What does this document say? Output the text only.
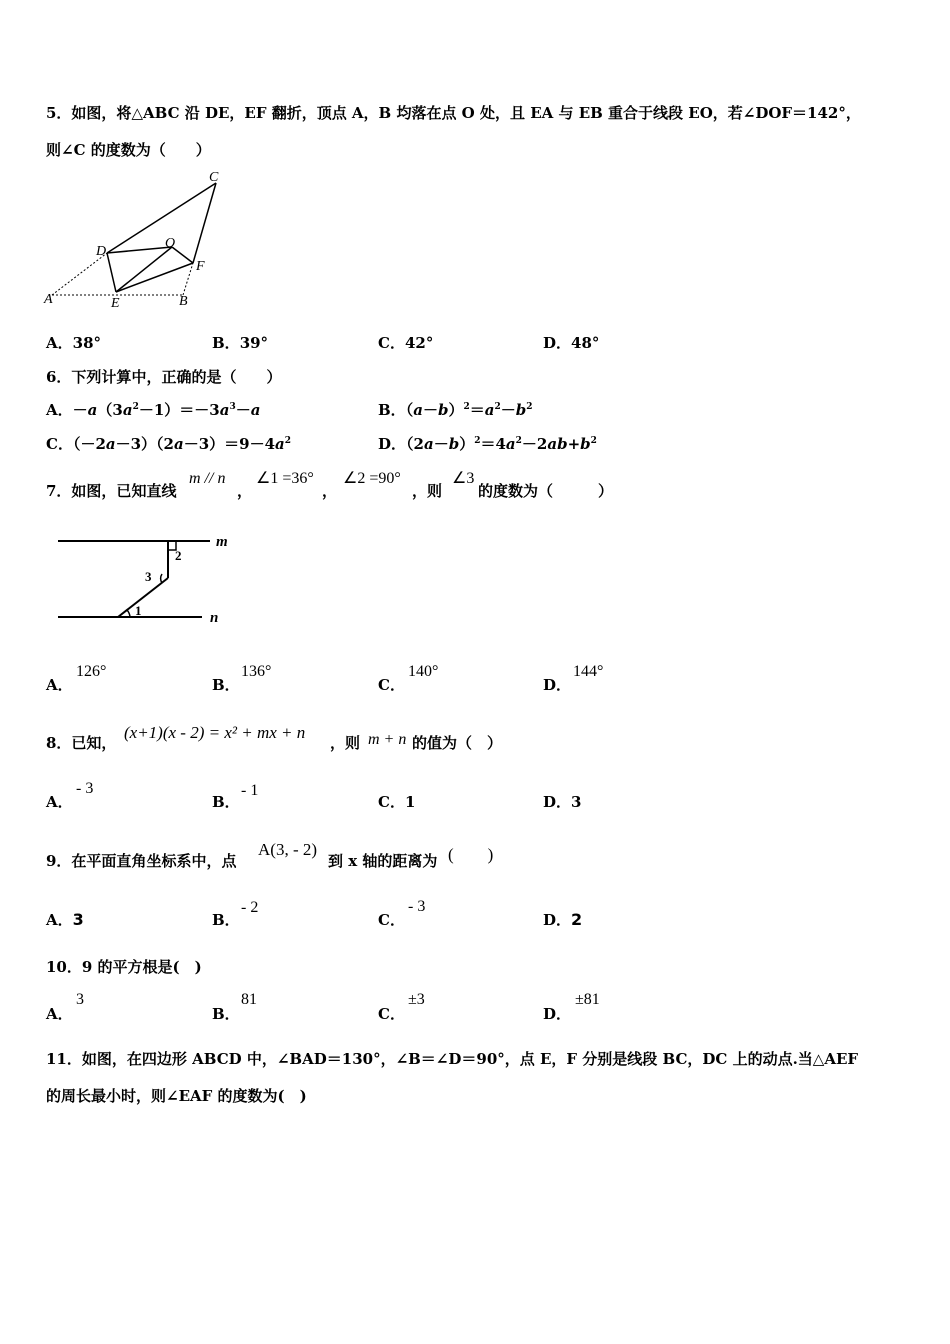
5．如图，将△ABC 沿 DE，EF 翻折，顶点 A，B 均落在点 O 处，且 EA 与 EB 重合于线段 EO，若∠DOF＝142°，
则∠C 的度数为（　　）
C
D
O
F
A	E	B
A．38°	B．39°	C．42°	D．48°
6．下列计算中，正确的是（　　）
A．$-a(3a^2-1)=-3a^3-a$	B．$(a-b)^2=a^2-b^2$
C．$(-2a-3)(2a-3)=9-4a^2$	D．$(2a-b)^2=4a^2-2ab+b^2$
7．如图，已知直线
m // n
，
∠1 =36°
，
∠2 =90°
，则
∠3
的度数为（　　　）
m
n
2
3
1
A．
126°
B．
136°
C．
140°
D．
144°
8．已知，
(x+1)(x - 2) = x² + mx + n
，则 m + n 的值为（　）
A．
- 3
B．
- 1
C．1	D．3
9．在平面直角坐标系中，点
A(3, - 2)
到 x 轴的距离为 (　　)
A．3	B．
- 2
C．
- 3
D．2
10．9 的平方根是(　)
A．
3
B．
81
C．
±3
D．
±81
11．如图，在四边形 ABCD 中，∠BAD＝130°，∠B＝∠D＝90°，点 E，F 分别是线段 BC，DC 上的动点.当△AEF
的周长最小时，则∠EAF 的度数为(　)
